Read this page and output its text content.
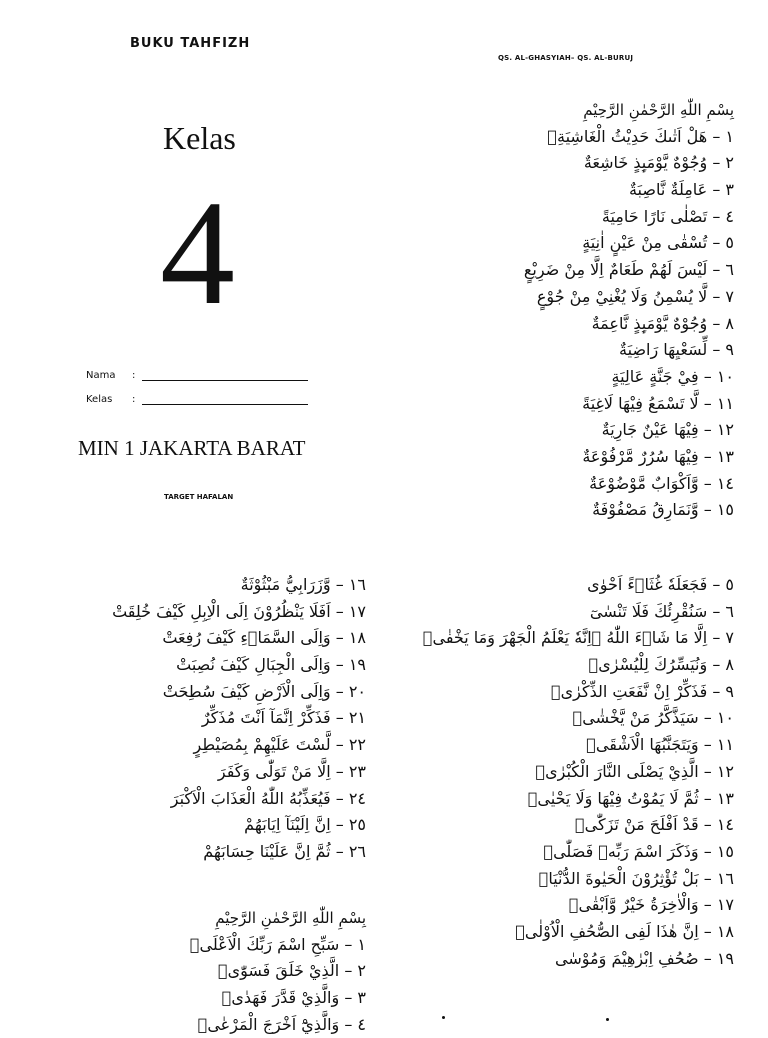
BUKU TAHFIZH
QS. AL-GHASYIAH– QS. AL-BURUJ
Kelas
4
Nama	:
Kelas	:
MIN 1 JAKARTA BARAT
TARGET HAFALAN
بِسْمِ اللّٰهِ الرَّحْمٰنِ الرَّحِيْمِ
١ – هَلْ اَتٰىكَ حَدِيْثُ الْغَاشِيَةِۗ
٢ – وُجُوْهٌ يَّوْمَىِٕذٍ خَاشِعَةٌ
٣ – عَامِلَةٌ نَّاصِبَةٌ
٤ – تَصْلٰى نَارًا حَامِيَةً
٥ – تُسْقٰى مِنْ عَيْنٍ اٰنِيَةٍ
٦ – لَيْسَ لَهُمْ طَعَامٌ اِلَّا مِنْ ضَرِيْعٍ
٧ – لَّا يُسْمِنُ وَلَا يُغْنِيْ مِنْ جُوْعٍ
٨ – وُجُوْهٌ يَّوْمَىِٕذٍ نَّاعِمَةٌ
٩ – لِّسَعْيِهَا رَاضِيَةٌ
١٠ – فِيْ جَنَّةٍ عَالِيَةٍ
١١ – لَّا تَسْمَعُ فِيْهَا لَاغِيَةً
١٢ – فِيْهَا عَيْنٌ جَارِيَةٌ
١٣ – فِيْهَا سُرُرٌ مَّرْفُوْعَةٌ
١٤ – وَّاَكْوَابٌ مَّوْضُوْعَةٌ
١٥ – وَّنَمَارِقُ مَصْفُوْفَةٌ
١٦ – وَّزَرَابِيُّ مَبْثُوْثَةٌ
١٧ – اَفَلَا يَنْظُرُوْنَ اِلَى الْاِبِلِ كَيْفَ خُلِقَتْ
١٨ – وَاِلَى السَّمَاۤءِ كَيْفَ رُفِعَتْ
١٩ – وَاِلَى الْجِبَالِ كَيْفَ نُصِبَتْ
٢٠ – وَاِلَى الْاَرْضِ كَيْفَ سُطِحَتْ
٢١ – فَذَكِّرْ اِنَّمَآ اَنْتَ مُذَكِّرٌ
٢٢ – لَّسْتَ عَلَيْهِمْ بِمُصَيْطِرٍ
٢٣ – اِلَّا مَنْ تَوَلّٰى وَكَفَرَ
٢٤ – فَيُعَذِّبُهُ اللّٰهُ الْعَذَابَ الْاَكْبَرَ
٢٥ – اِنَّ اِلَيْنَآ اِيَابَهُمْ
٢٦ – ثُمَّ اِنَّ عَلَيْنَا حِسَابَهُمْ
٥ – فَجَعَلَهٗ غُثَاۤءً اَحْوٰى
٦ – سَنُقْرِئُكَ فَلَا تَنْسٰىٓ
٧ – اِلَّا مَا شَاۤءَ اللّٰهُ ۗاِنَّهٗ يَعْلَمُ الْجَهْرَ وَمَا يَخْفٰىۗ
٨ – وَنُيَسِّرُكَ لِلْيُسْرٰىۖ
٩ – فَذَكِّرْ اِنْ نَّفَعَتِ الذِّكْرٰىۗ
١٠ – سَيَذَّكَّرُ مَنْ يَّخْشٰىۙ
١١ – وَيَتَجَنَّبُهَا الْاَشْقَىۙ
١٢ – الَّذِيْ يَصْلَى النَّارَ الْكُبْرٰىۚ
١٣ – ثُمَّ لَا يَمُوْتُ فِيْهَا وَلَا يَحْيٰىۗ
١٤ – قَدْ اَفْلَحَ مَنْ تَزَكّٰىۙ
١٥ – وَذَكَرَ اسْمَ رَبِّهٖ فَصَلّٰىۗ
١٦ – بَلْ تُؤْثِرُوْنَ الْحَيٰوةَ الدُّنْيَاۖ
١٧ – وَالْاٰخِرَةُ خَيْرٌ وَّاَبْقٰىۗ
١٨ – اِنَّ هٰذَا لَفِى الصُّحُفِ الْاُوْلٰىۙ
١٩ – صُحُفِ اِبْرٰهِيْمَ وَمُوْسٰى
بِسْمِ اللّٰهِ الرَّحْمٰنِ الرَّحِيْمِ
١ – سَبِّحِ اسْمَ رَبِّكَ الْاَعْلَىۙ
٢ – الَّذِيْ خَلَقَ فَسَوّٰىۖ
٣ – وَالَّذِيْ قَدَّرَ فَهَدٰىۖ
٤ – وَالَّذِيْٓ اَخْرَجَ الْمَرْعٰىۖ
